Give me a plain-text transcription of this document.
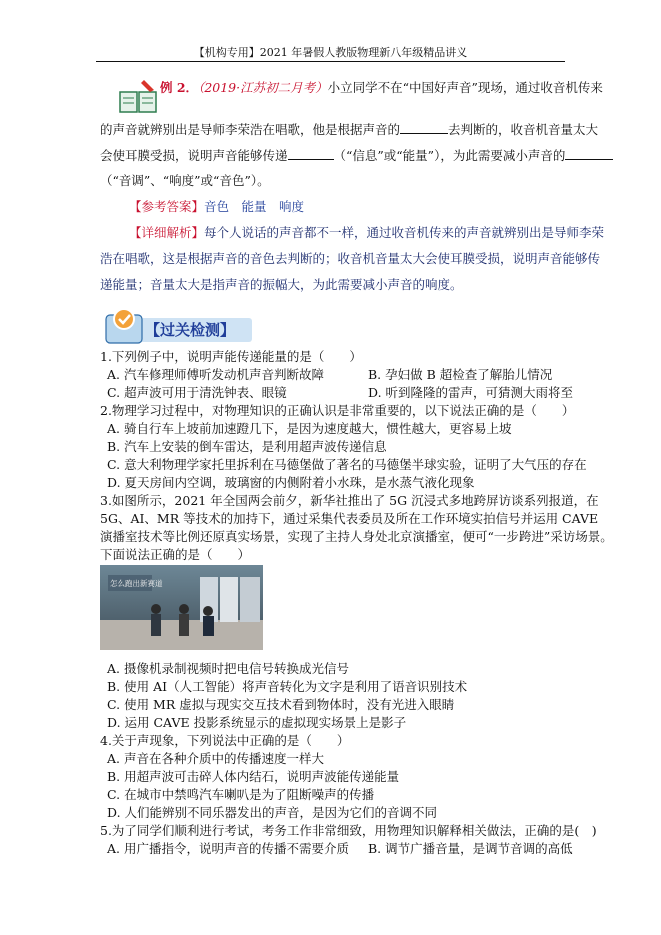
【机构专用】2021 年暑假人教版物理新八年级精品讲义
例 2．（2019·江苏初二月考）小立同学不在“中国好声音”现场，通过收音机传来
的声音就辨别出是导师李荣浩在唱歌，他是根据声音的	去判断的，收音机音量太大
会使耳膜受损，说明声音能够传递	（“信息”或“能量”），为此需要减小声音的
（“音调”、“响度”或“音色”）。
【参考答案】音色　能量　响度
【详细解析】每个人说话的声音都不一样，通过收音机传来的声音就辨别出是导师李荣
浩在唱歌，这是根据声音的音色去判断的；收音机音量太大会使耳膜受损，说明声音能够传
递能量；音量太大是指声音的振幅大，为此需要减小声音的响度。
【过关检测】
1.下列例子中，说明声能传递能量的是（　　）
A. 汽车修理师傅听发动机声音判断故障	B. 孕妇做 B 超检查了解胎儿情况
C. 超声波可用于清洗钟表、眼镜	D. 听到隆隆的雷声，可猜测大雨将至
2.物理学习过程中，对物理知识的正确认识是非常重要的，以下说法正确的是（　　）
A. 骑自行车上坡前加速蹬几下，是因为速度越大，惯性越大，更容易上坡
B. 汽车上安装的倒车雷达，是利用超声波传递信息
C. 意大利物理学家托里拆利在马德堡做了著名的马德堡半球实验，证明了大气压的存在
D. 夏天房间内空调，玻璃窗的内侧附着小水珠，是水蒸气液化现象
3.如图所示，2021 年全国两会前夕，新华社推出了 5G 沉浸式多地跨屏访谈系列报道，在
5G、AI、MR 等技术的加持下，通过采集代表委员及所在工作环境实拍信号并运用 CAVE
演播室技术等比例还原真实场景，实现了主持人身处北京演播室，便可“一步跨进”采访场景。
下面说法正确的是（　　）
怎么跑出新赛道
A. 摄像机录制视频时把电信号转换成光信号
B. 使用 AI（人工智能）将声音转化为文字是利用了语音识别技术
C. 使用 MR 虚拟与现实交互技术看到物体时，没有光进入眼睛
D. 运用 CAVE 投影系统显示的虚拟现实场景上是影子
4.关于声现象，下列说法中正确的是（　　）
A. 声音在各种介质中的传播速度一样大
B. 用超声波可击碎人体内结石，说明声波能传递能量
C. 在城市中禁鸣汽车喇叭是为了阻断噪声的传播
D. 人们能辨别不同乐器发出的声音，是因为它们的音调不同
5.为了同学们顺利进行考试，考务工作非常细致，用物理知识解释相关做法，正确的是(　)
A. 用广播指令，说明声音的传播不需要介质 B. 调节广播音量，是调节音调的高低
